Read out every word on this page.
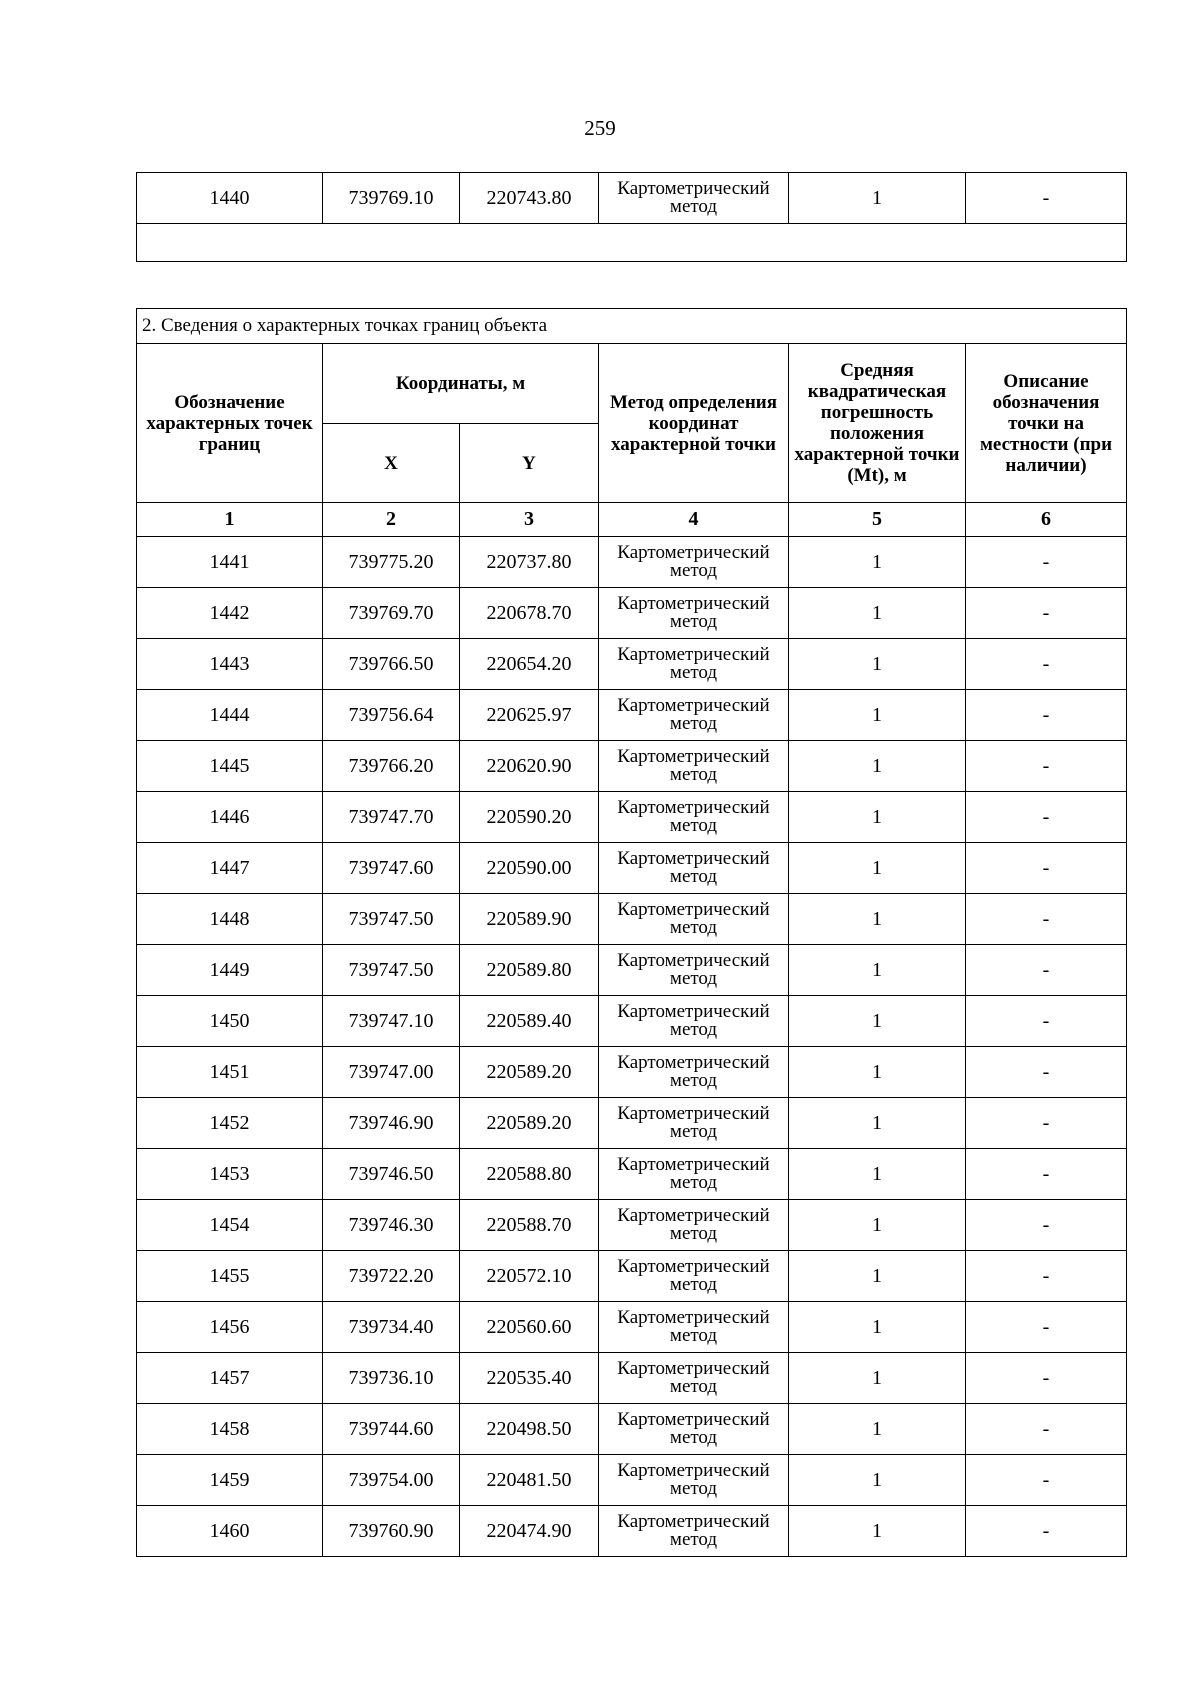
259
1440	739769.10	220743.80	Картометрический метод	1	-

2. Сведения о характерных точках границ объекта					
Обозначение характерных точек границ	Координаты, м		Метод определения координат характерной точки	Средняя квадратическая погрешность положения характерной точки (Mt), м	Описание обозначения точки на местности (при наличии)
	X	Y			
1	2	3	4	5	6
1441	739775.20	220737.80	Картометрический метод	1	-
1442	739769.70	220678.70	Картометрический метод	1	-
1443	739766.50	220654.20	Картометрический метод	1	-
1444	739756.64	220625.97	Картометрический метод	1	-
1445	739766.20	220620.90	Картометрический метод	1	-
1446	739747.70	220590.20	Картометрический метод	1	-
1447	739747.60	220590.00	Картометрический метод	1	-
1448	739747.50	220589.90	Картометрический метод	1	-
1449	739747.50	220589.80	Картометрический метод	1	-
1450	739747.10	220589.40	Картометрический метод	1	-
1451	739747.00	220589.20	Картометрический метод	1	-
1452	739746.90	220589.20	Картометрический метод	1	-
1453	739746.50	220588.80	Картометрический метод	1	-
1454	739746.30	220588.70	Картометрический метод	1	-
1455	739722.20	220572.10	Картометрический метод	1	-
1456	739734.40	220560.60	Картометрический метод	1	-
1457	739736.10	220535.40	Картометрический метод	1	-
1458	739744.60	220498.50	Картометрический метод	1	-
1459	739754.00	220481.50	Картометрический метод	1	-
1460	739760.90	220474.90	Картометрический метод	1	-
